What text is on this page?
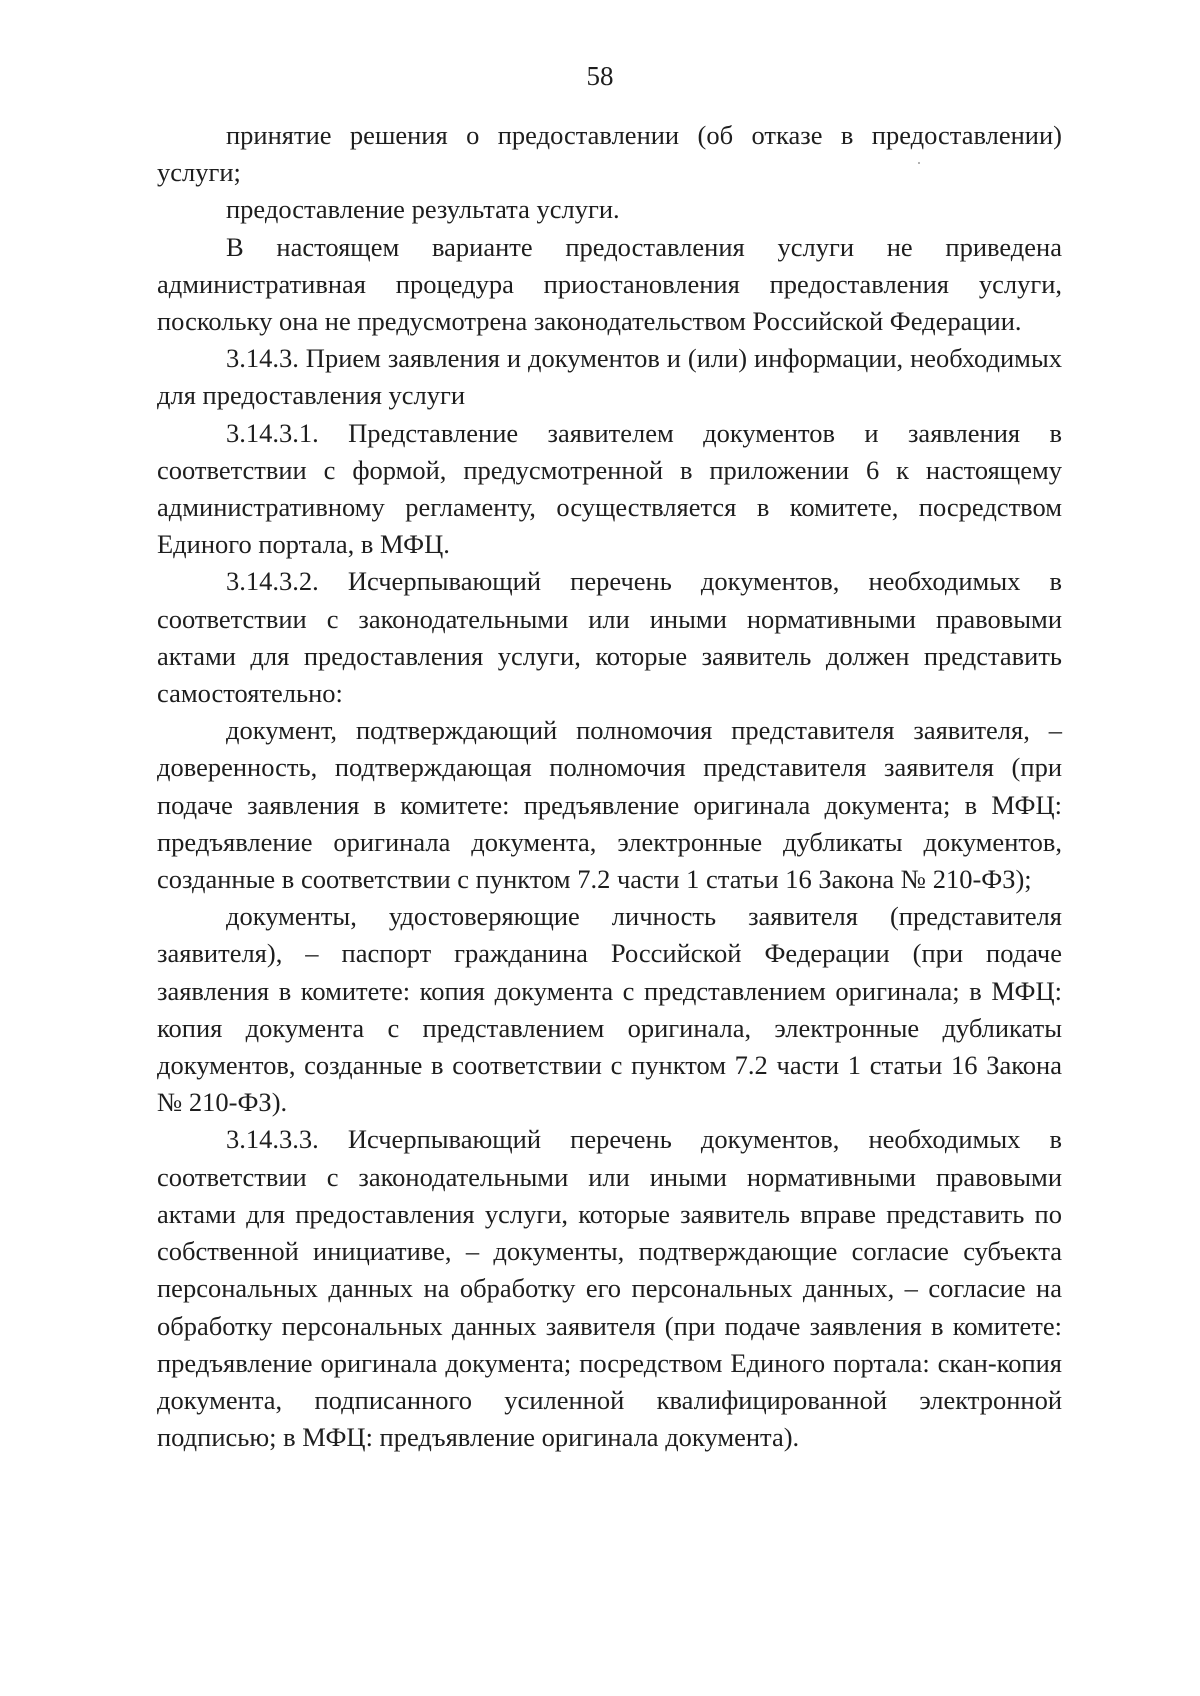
58

принятие решения о предоставлении (об отказе в предоставлении) услуги;

предоставление результата услуги.

В настоящем варианте предоставления услуги не приведена административная процедура приостановления предоставления услуги, поскольку она не предусмотрена законодательством Российской Федерации.

3.14.3. Прием заявления и документов и (или) информации, необходимых для предоставления услуги

3.14.3.1. Представление заявителем документов и заявления в соответствии с формой, предусмотренной в приложении 6 к настоящему административному регламенту, осуществляется в комитете, посредством Единого портала, в МФЦ.

3.14.3.2. Исчерпывающий перечень документов, необходимых в соответствии с законодательными или иными нормативными правовыми актами для предоставления услуги, которые заявитель должен представить самостоятельно:

документ, подтверждающий полномочия представителя заявителя, – доверенность, подтверждающая полномочия представителя заявителя (при подаче заявления в комитете: предъявление оригинала документа; в МФЦ: предъявление оригинала документа, электронные дубликаты документов, созданные в соответствии с пунктом 7.2 части 1 статьи 16 Закона № 210-ФЗ);

документы, удостоверяющие личность заявителя (представителя заявителя), – паспорт гражданина Российской Федерации (при подаче заявления в комитете: копия документа с представлением оригинала; в МФЦ: копия документа с представлением оригинала, электронные дубликаты документов, созданные в соответствии с пунктом 7.2 части 1 статьи 16 Закона № 210-ФЗ).

3.14.3.3. Исчерпывающий перечень документов, необходимых в соответствии с законодательными или иными нормативными правовыми актами для предоставления услуги, которые заявитель вправе представить по собственной инициативе, – документы, подтверждающие согласие субъекта персональных данных на обработку его персональных данных, – согласие на обработку персональных данных заявителя (при подаче заявления в комитете: предъявление оригинала документа; посредством Единого портала: скан-копия документа, подписанного усиленной квалифицированной электронной подписью; в МФЦ: предъявление оригинала документа).
